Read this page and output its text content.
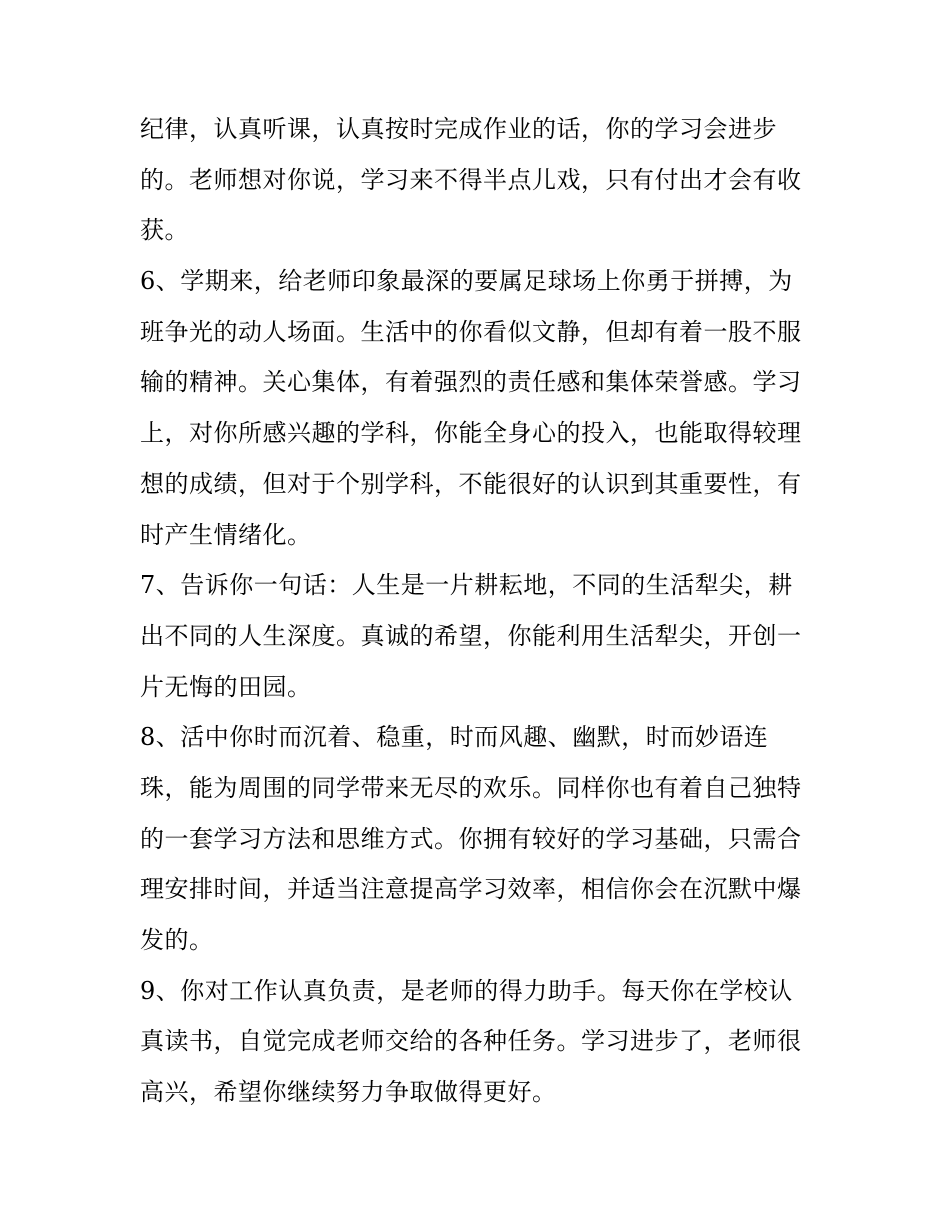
纪律，认真听课，认真按时完成作业的话，你的学习会进步
的。老师想对你说，学习来不得半点儿戏，只有付出才会有收
获。
6、学期来，给老师印象最深的要属足球场上你勇于拼搏，为
班争光的动人场面。生活中的你看似文静，但却有着一股不服
输的精神。关心集体，有着强烈的责任感和集体荣誉感。学习
上，对你所感兴趣的学科，你能全身心的投入，也能取得较理
想的成绩，但对于个别学科，不能很好的认识到其重要性，有
时产生情绪化。
7、告诉你一句话：人生是一片耕耘地，不同的生活犁尖，耕
出不同的人生深度。真诚的希望，你能利用生活犁尖，开创一
片无悔的田园。
8、活中你时而沉着、稳重，时而风趣、幽默，时而妙语连
珠，能为周围的同学带来无尽的欢乐。同样你也有着自己独特
的一套学习方法和思维方式。你拥有较好的学习基础，只需合
理安排时间，并适当注意提高学习效率，相信你会在沉默中爆
发的。
9、你对工作认真负责，是老师的得力助手。每天你在学校认
真读书，自觉完成老师交给的各种任务。学习进步了，老师很
高兴，希望你继续努力争取做得更好。
